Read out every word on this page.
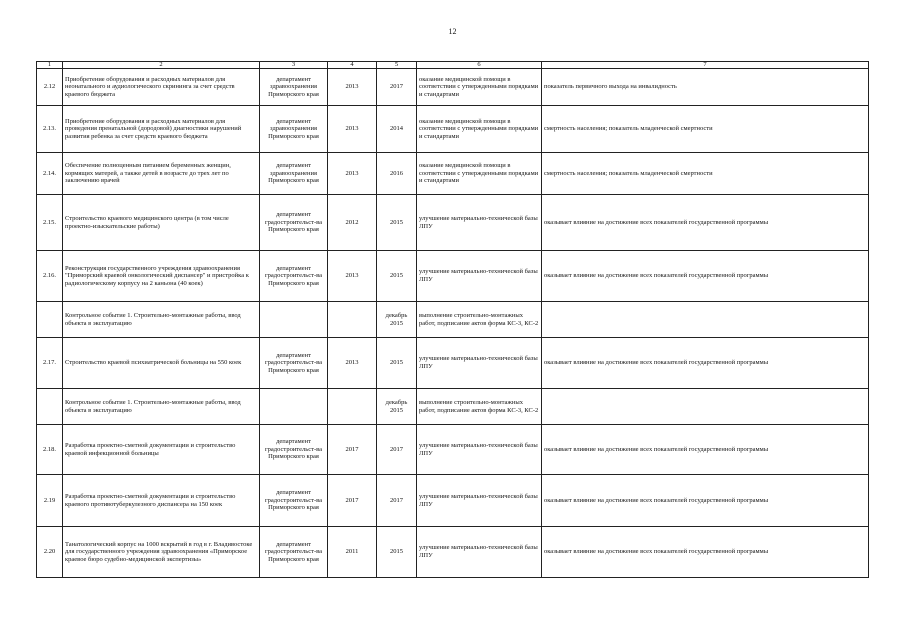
12
1	2	3	4	5	6	7
2.12	Приобретение оборудования и расходных материалов для неонатального и аудиологического скрининга за счет средств краевого бюджета	департамент здравоохранения Приморского края	2013	2017	оказание медицинской помощи в соответствии с утвержденными порядками и стандартами	показатель первичного выхода на инвалидность
2.13.	Приобретение оборудования и расходных материалов для проведения пренатальной (дородовой) диагностики нарушений развития ребенка за счет средств краевого бюджета	департамент здравоохранения Приморского края	2013	2014	оказание медицинской помощи в соответствии с утвержденными порядками и стандартами	смертность населения; показатель младенческой смертности
2.14.	Обеспечение полноценным питанием беременных женщин, кормящих матерей, а также детей в возрасте до трех лет по заключению врачей	департамент здравоохранения Приморского края	2013	2016	оказание медицинской помощи в соответствии с утвержденными порядками и стандартами	смертность населения; показатель младенческой смертности
2.15.	Строительство краевого медицинского центра (в том числе проектно-изыскательские работы)	департамент градостроительст-ва Приморского края	2012	2015	улучшение материально-технической базы ЛПУ	оказывает влияние на достижение всех показателей государственной программы
2.16.	Реконструкция государственного учреждения здравоохранения "Приморский краевой онкологический диспансер" и пристройка к радиологическому корпусу на 2 каньона (40 коек)	департамент градостроительст-ва Приморского края	2013	2015	улучшение материально-технической базы ЛПУ	оказывает влияние на достижение всех показателей государственной программы
	Контрольное событие 1. Строительно-монтажные работы, ввод объекта в эксплуатацию			декабрь 2015	выполнение строительно-монтажных работ, подписание актов форма КС-3, КС-2	
2.17.	Строительство краевой психиатрической больницы на 550 коек	департамент градостроительст-ва Приморского края	2013	2015	улучшение материально-технической базы ЛПУ	оказывает влияние на достижение всех показателей государственной программы
	Контрольное событие 1. Строительно-монтажные работы, ввод объекта в эксплуатацию			декабрь 2015	выполнение строительно-монтажных работ, подписание актов форма КС-3, КС-2	
2.18.	Разработка проектно-сметной документации и строительство краевой инфекционной больницы	департамент градостроительст-ва Приморского края	2017	2017	улучшение материально-технической базы ЛПУ	оказывает влияние на достижение всех показателей государственной программы
2.19	Разработка проектно-сметной документации и строительство краевого противотуберкулезного диспансера на 150 коек	департамент градостроительст-ва Приморского края	2017	2017	улучшение материально-технической базы ЛПУ	оказывает влияние на достижение всех показателей государственной программы
2.20	Танатологический корпус на 1000 вскрытий в год в г. Владивостоке для государственного учреждения здравоохранения «Приморское краевое бюро судебно-медицинской экспертизы»	департамент градостроительст-ва Приморского края	2011	2015	улучшение материально-технической базы ЛПУ	оказывает влияние на достижение всех показателей государственной программы
